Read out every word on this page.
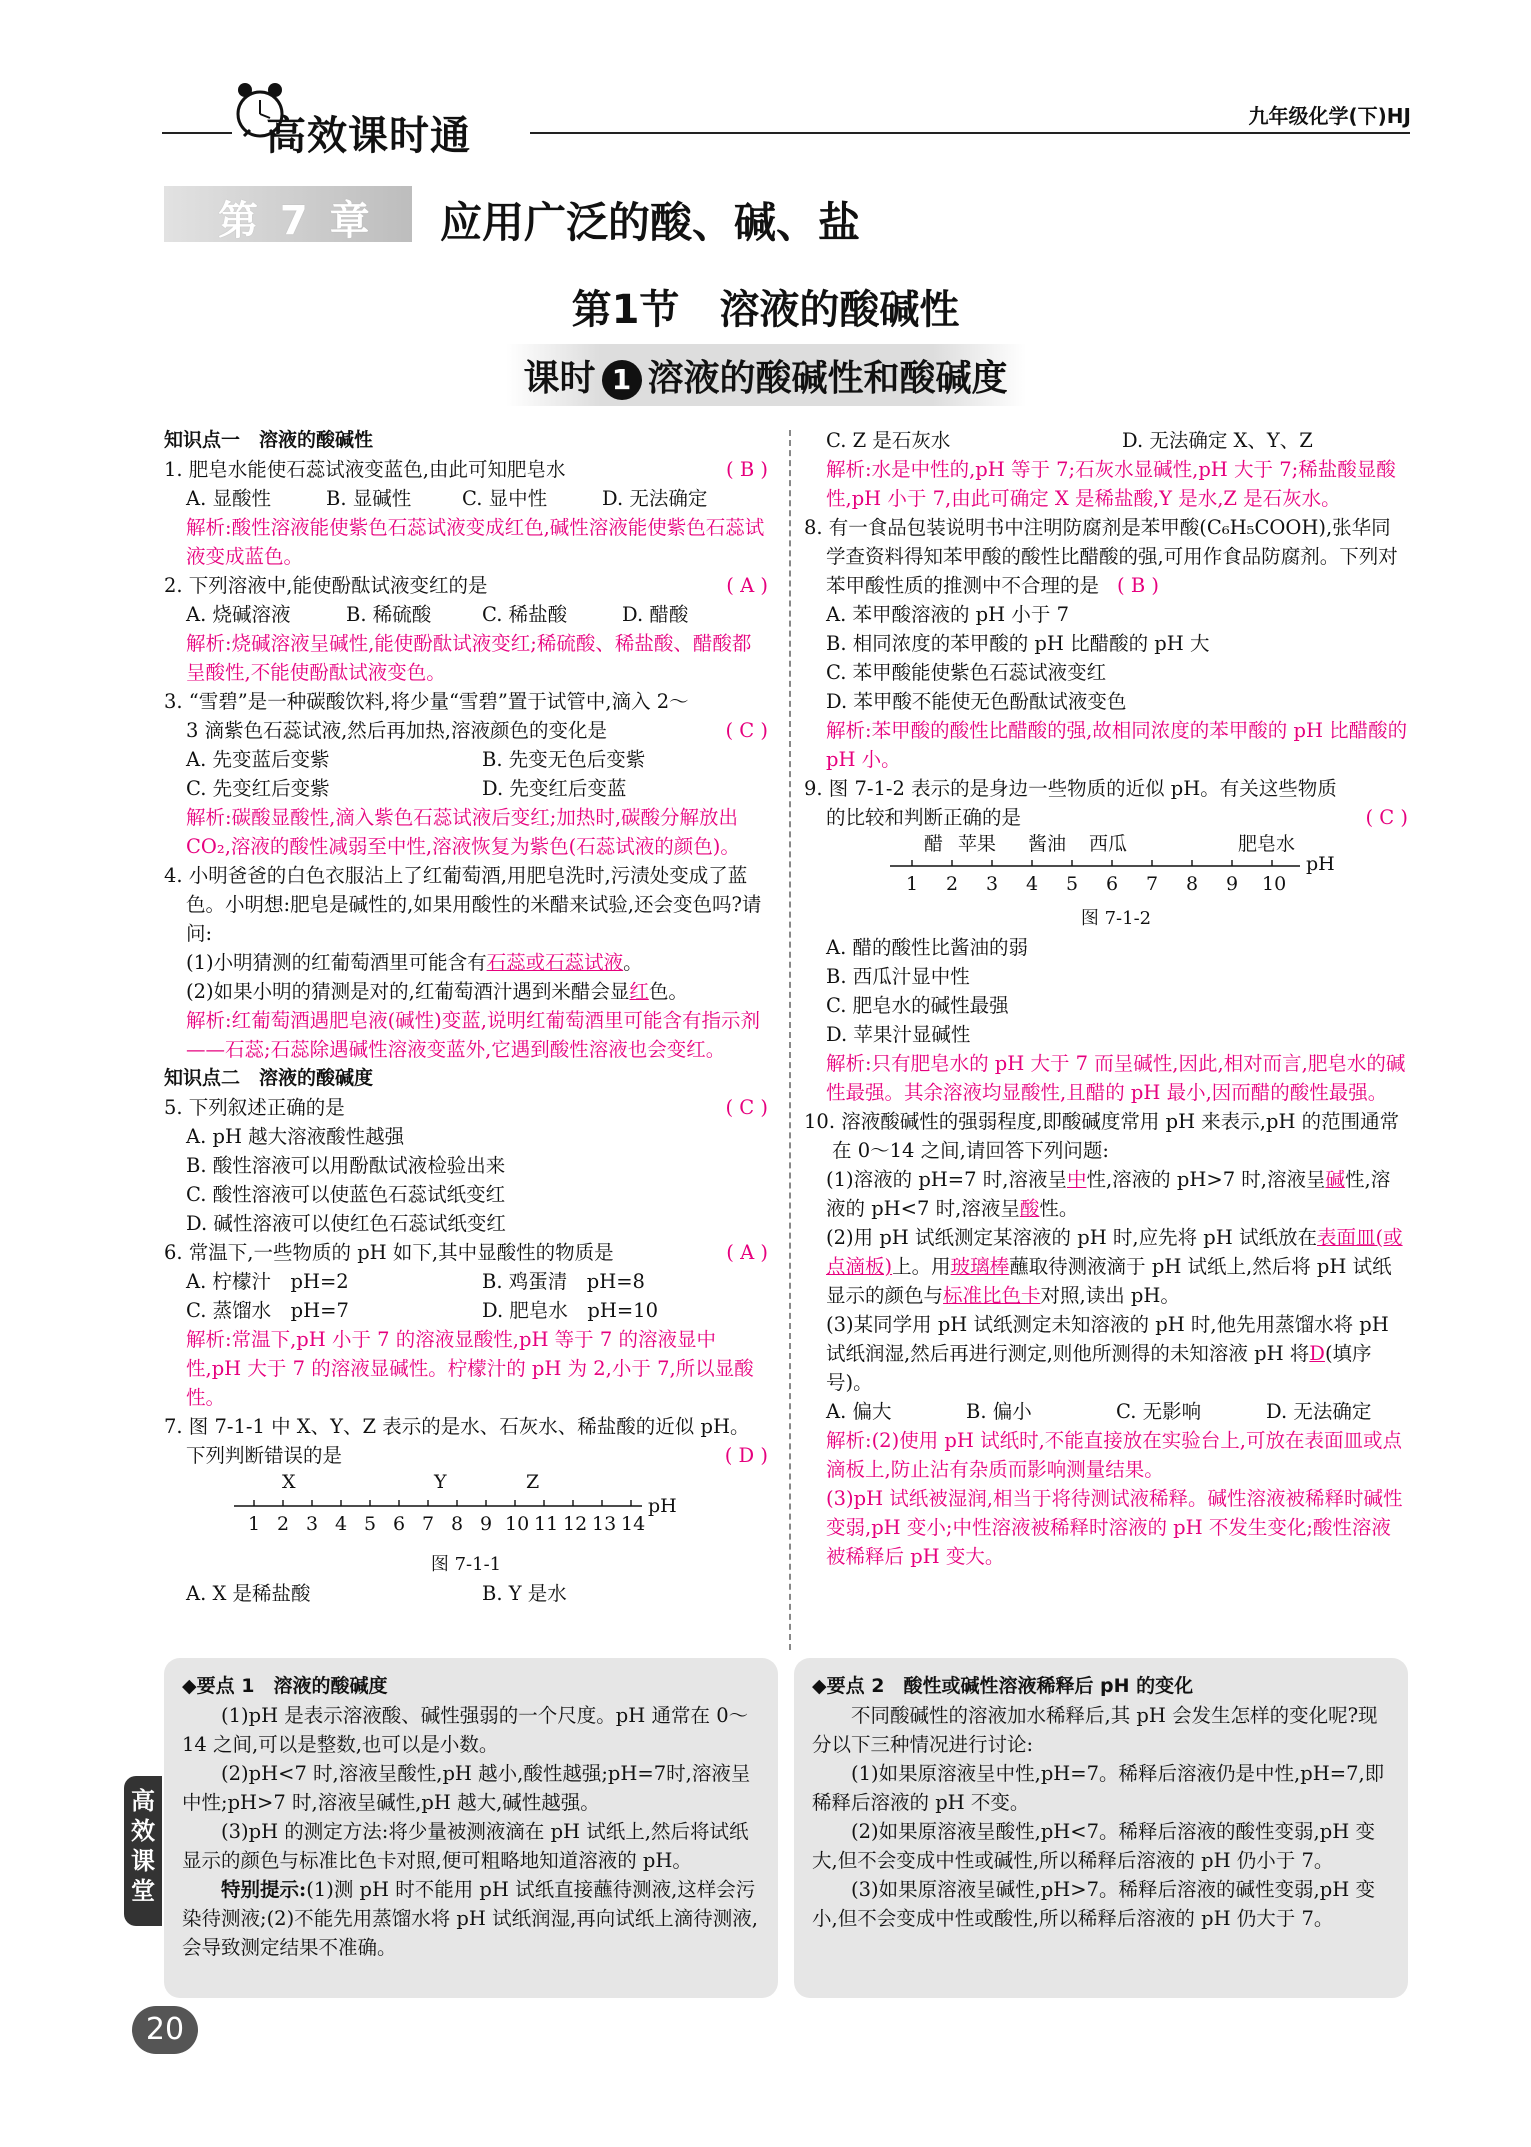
高效课时通	九年级化学(下)HJ
第 7 章 应用广泛的酸、碱、盐
第1节　溶液的酸碱性
课时 1 溶液的酸碱性和酸碱度

知识点一　溶液的酸碱性

1. 肥皂水能使石蕊试液变蓝色,由此可知肥皂水	( B )

A. 显酸性	B. 显碱性	C. 显中性	D. 无法确定

解析:酸性溶液能使紫色石蕊试液变成红色,碱性溶液能使紫色石蕊试液变成蓝色。

2. 下列溶液中,能使酚酞试液变红的是	( A )

A. 烧碱溶液	B. 稀硫酸	C. 稀盐酸	D. 醋酸

解析:烧碱溶液呈碱性,能使酚酞试液变红;稀硫酸、稀盐酸、醋酸都呈酸性,不能使酚酞试液变色。

3. “雪碧”是一种碳酸饮料,将少量“雪碧”置于试管中,滴入 2～

3 滴紫色石蕊试液,然后再加热,溶液颜色的变化是	( C )

A. 先变蓝后变紫	B. 先变无色后变紫

C. 先变红后变紫	D. 先变红后变蓝

解析:碳酸显酸性,滴入紫色石蕊试液后变红;加热时,碳酸分解放出 CO₂,溶液的酸性减弱至中性,溶液恢复为紫色(石蕊试液的颜色)。

4. 小明爸爸的白色衣服沾上了红葡萄酒,用肥皂洗时,污渍处变成了蓝色。小明想:肥皂是碱性的,如果用酸性的米醋来试验,还会变色吗?请问:

(1)小明猜测的红葡萄酒里可能含有石蕊或石蕊试液。

(2)如果小明的猜测是对的,红葡萄酒汁遇到米醋会显红色。

解析:红葡萄酒遇肥皂液(碱性)变蓝,说明红葡萄酒里可能含有指示剂——石蕊;石蕊除遇碱性溶液变蓝外,它遇到酸性溶液也会变红。

知识点二　溶液的酸碱度

5. 下列叙述正确的是	( C )

A. pH 越大溶液酸性越强

B. 酸性溶液可以用酚酞试液检验出来

C. 酸性溶液可以使蓝色石蕊试纸变红

D. 碱性溶液可以使红色石蕊试纸变红

6. 常温下,一些物质的 pH 如下,其中显酸性的物质是	( A )

A. 柠檬汁　pH=2	B. 鸡蛋清　pH=8

C. 蒸馏水　pH=7	D. 肥皂水　pH=10

解析:常温下,pH 小于 7 的溶液显酸性,pH 等于 7 的溶液显中性,pH 大于 7 的溶液显碱性。柠檬汁的 pH 为 2,小于 7,所以显酸性。

7. 图 7-1-1 中 X、Y、Z 表示的是水、石灰水、稀盐酸的近似 pH。

下列判断错误的是	( D )

X	Y	Z
1 2 3 4 5 6 7 8 9 10 11 12 13 14
pH

图 7-1-1

A. X 是稀盐酸	B. Y 是水

C. Z 是石灰水	D. 无法确定 X、Y、Z

解析:水是中性的,pH 等于 7;石灰水显碱性,pH 大于 7;稀盐酸显酸性,pH 小于 7,由此可确定 X 是稀盐酸,Y 是水,Z 是石灰水。

8. 有一食品包装说明书中注明防腐剂是苯甲酸(C₆H₅COOH),张华同学查资料得知苯甲酸的酸性比醋酸的强,可用作食品防腐剂。下列对苯甲酸性质的推测中不合理的是 ( B )

A. 苯甲酸溶液的 pH 小于 7

B. 相同浓度的苯甲酸的 pH 比醋酸的 pH 大

C. 苯甲酸能使紫色石蕊试液变红

D. 苯甲酸不能使无色酚酞试液变色

解析:苯甲酸的酸性比醋酸的强,故相同浓度的苯甲酸的 pH 比醋酸的 pH 小。

9. 图 7-1-2 表示的是身边一些物质的近似 pH。有关这些物质

的比较和判断正确的是	( C )

醋 苹果 酱油 西瓜	肥皂水
1 2 3 4 5 6 7 8 9 10
pH

图 7-1-2

A. 醋的酸性比酱油的弱

B. 西瓜汁显中性

C. 肥皂水的碱性最强

D. 苹果汁显碱性

解析:只有肥皂水的 pH 大于 7 而呈碱性,因此,相对而言,肥皂水的碱性最强。其余溶液均显酸性,且醋的 pH 最小,因而醋的酸性最强。

10. 溶液酸碱性的强弱程度,即酸碱度常用 pH 来表示,pH 的范围通常在 0～14 之间,请回答下列问题:

(1)溶液的 pH=7 时,溶液呈中性,溶液的 pH>7 时,溶液呈碱性,溶液的 pH<7 时,溶液呈酸性。

(2)用 pH 试纸测定某溶液的 pH 时,应先将 pH 试纸放在表面皿(或点滴板)上。用玻璃棒蘸取待测液滴于 pH 试纸上,然后将 pH 试纸显示的颜色与标准比色卡对照,读出 pH。

(3)某同学用 pH 试纸测定未知溶液的 pH 时,他先用蒸馏水将 pH 试纸润湿,然后再进行测定,则他所测得的未知溶液 pH 将D(填序号)。

A. 偏大	B. 偏小	C. 无影响	D. 无法确定

解析:(2)使用 pH 试纸时,不能直接放在实验台上,可放在表面皿或点滴板上,防止沾有杂质而影响测量结果。

(3)pH 试纸被湿润,相当于将待测试液稀释。碱性溶液被稀释时碱性变弱,pH 变小;中性溶液被稀释时溶液的 pH 不发生变化;酸性溶液被稀释后 pH 变大。

◆要点 1　溶液的酸碱度

(1)pH 是表示溶液酸、碱性强弱的一个尺度。pH 通常在 0～14 之间,可以是整数,也可以是小数。

(2)pH<7 时,溶液呈酸性,pH 越小,酸性越强;pH=7时,溶液呈中性;pH>7 时,溶液呈碱性,pH 越大,碱性越强。

(3)pH 的测定方法:将少量被测液滴在 pH 试纸上,然后将试纸显示的颜色与标准比色卡对照,便可粗略地知道溶液的 pH。

特别提示:(1)测 pH 时不能用 pH 试纸直接蘸待测液,这样会污染待测液;(2)不能先用蒸馏水将 pH 试纸润湿,再向试纸上滴待测液,会导致测定结果不准确。

◆要点 2　酸性或碱性溶液稀释后 pH 的变化

不同酸碱性的溶液加水稀释后,其 pH 会发生怎样的变化呢?现分以下三种情况进行讨论:

(1)如果原溶液呈中性,pH=7。稀释后溶液仍是中性,pH=7,即稀释后溶液的 pH 不变。

(2)如果原溶液呈酸性,pH<7。稀释后溶液的酸性变弱,pH 变大,但不会变成中性或碱性,所以稀释后溶液的 pH 仍小于 7。

(3)如果原溶液呈碱性,pH>7。稀释后溶液的碱性变弱,pH 变小,但不会变成中性或酸性,所以稀释后溶液的 pH 仍大于 7。

高效课堂
20
